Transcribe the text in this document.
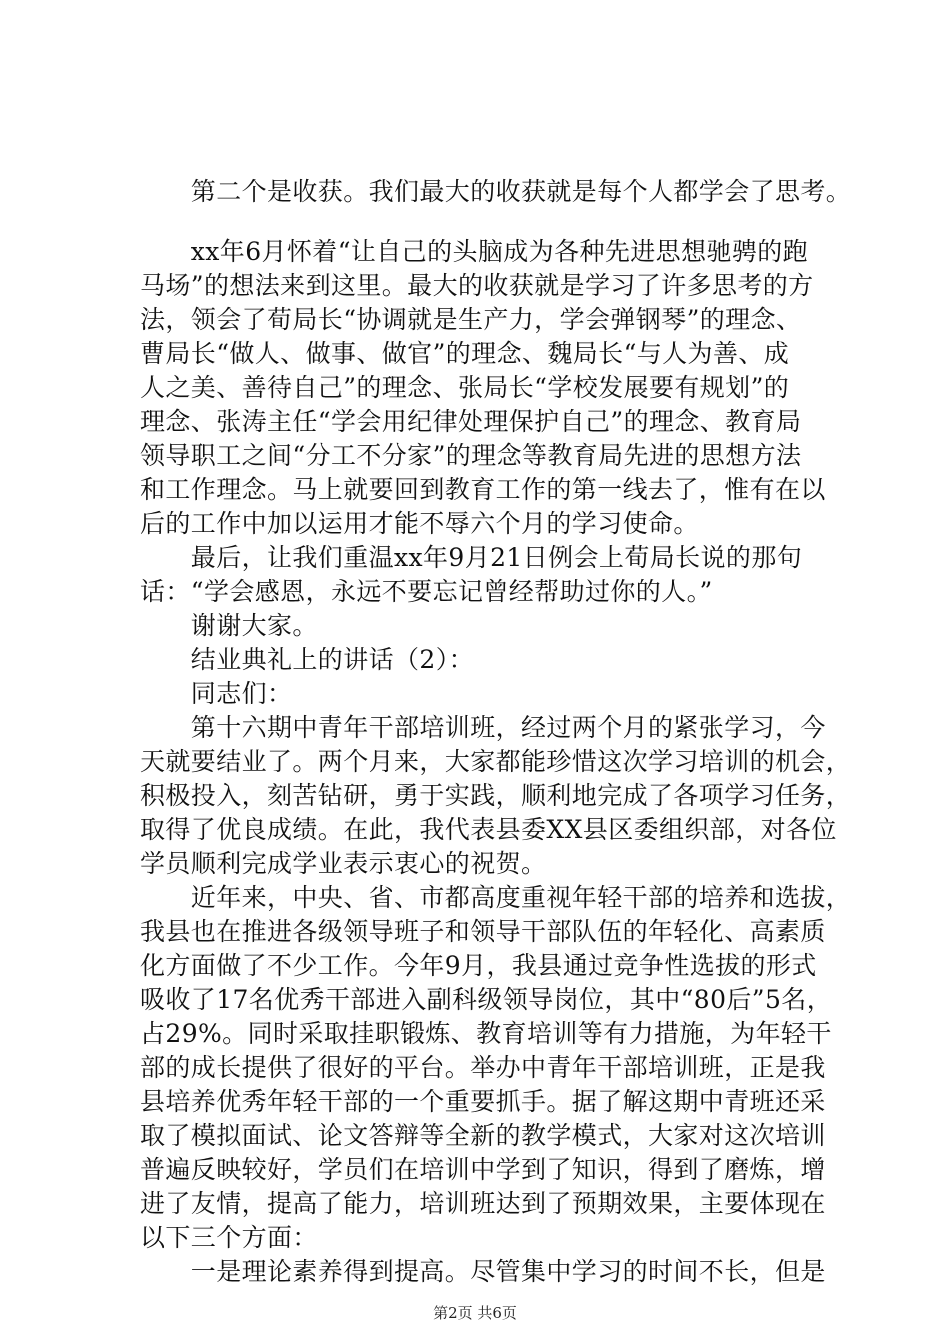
　　第二个是收获。我们最大的收获就是每个人都学会了思考。
　　xx年6月怀着“让自己的头脑成为各种先进思想驰骋的跑
马场”的想法来到这里。最大的收获就是学习了许多思考的方
法，领会了荀局长“协调就是生产力，学会弹钢琴”的理念、
曹局长“做人、做事、做官”的理念、魏局长“与人为善、成
人之美、善待自己”的理念、张局长“学校发展要有规划”的
理念、张涛主任“学会用纪律处理保护自己”的理念、教育局
领导职工之间“分工不分家”的理念等教育局先进的思想方法
和工作理念。马上就要回到教育工作的第一线去了，惟有在以
后的工作中加以运用才能不辱六个月的学习使命。
　　最后，让我们重温xx年9月21日例会上荀局长说的那句
话：“学会感恩，永远不要忘记曾经帮助过你的人。”
　　谢谢大家。
　　结业典礼上的讲话（2）：
　　同志们：
　　第十六期中青年干部培训班，经过两个月的紧张学习，今
天就要结业了。两个月来，大家都能珍惜这次学习培训的机会，
积极投入，刻苦钻研，勇于实践，顺利地完成了各项学习任务，
取得了优良成绩。在此，我代表县委XX县区委组织部，对各位
学员顺利完成学业表示衷心的祝贺。
　　近年来，中央、省、市都高度重视年轻干部的培养和选拔，
我县也在推进各级领导班子和领导干部队伍的年轻化、高素质
化方面做了不少工作。今年9月，我县通过竞争性选拔的形式
吸收了17名优秀干部进入副科级领导岗位，其中“80后”5名，
占29%。同时采取挂职锻炼、教育培训等有力措施，为年轻干
部的成长提供了很好的平台。举办中青年干部培训班，正是我
县培养优秀年轻干部的一个重要抓手。据了解这期中青班还采
取了模拟面试、论文答辩等全新的教学模式，大家对这次培训
普遍反映较好，学员们在培训中学到了知识，得到了磨炼，增
进了友情，提高了能力，培训班达到了预期效果，主要体现在
以下三个方面：
　　一是理论素养得到提高。尽管集中学习的时间不长，但是
第2页 共6页
